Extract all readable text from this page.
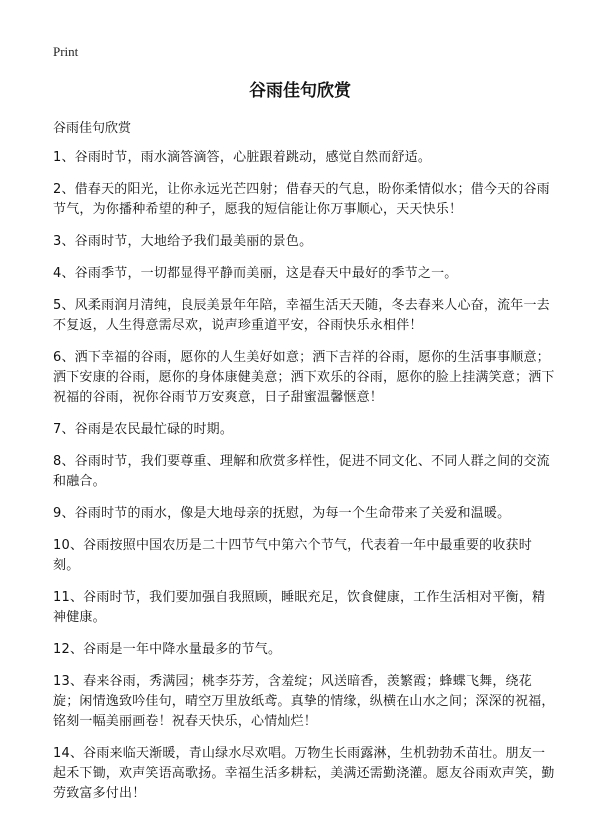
Print
谷雨佳句欣赏

谷雨佳句欣赏

1、谷雨时节，雨水滴答滴答，心脏跟着跳动，感觉自然而舒适。
2、借春天的阳光，让你永远光芒四射；借春天的气息，盼你柔情似水；借今天的谷雨节气，为你播种希望的种子，愿我的短信能让你万事顺心，天天快乐！
3、谷雨时节，大地给予我们最美丽的景色。
4、谷雨季节，一切都显得平静而美丽，这是春天中最好的季节之一。
5、风柔雨润月清纯，良辰美景年年陪，幸福生活天天随，冬去春来人心奋，流年一去不复返，人生得意需尽欢，说声珍重道平安，谷雨快乐永相伴！
6、洒下幸福的谷雨，愿你的人生美好如意；洒下吉祥的谷雨，愿你的生活事事顺意；洒下安康的谷雨，愿你的身体康健美意；洒下欢乐的谷雨，愿你的脸上挂满笑意；洒下祝福的谷雨，祝你谷雨节万安爽意，日子甜蜜温馨惬意！
7、谷雨是农民最忙碌的时期。
8、谷雨时节，我们要尊重、理解和欣赏多样性，促进不同文化、不同人群之间的交流和融合。
9、谷雨时节的雨水，像是大地母亲的抚慰，为每一个生命带来了关爱和温暖。
10、谷雨按照中国农历是二十四节气中第六个节气，代表着一年中最重要的收获时刻。
11、谷雨时节，我们要加强自我照顾，睡眠充足，饮食健康，工作生活相对平衡，精神健康。
12、谷雨是一年中降水量最多的节气。
13、春来谷雨，秀满园；桃李芬芳，含羞绽；风送暗香，羡繁霞；蜂蝶飞舞，绕花旋；闲情逸致吟佳句，晴空万里放纸鸢。真挚的情缘，纵横在山水之间；深深的祝福，铭刻一幅美丽画卷！祝春天快乐，心情灿烂！
14、谷雨来临天渐暖，青山绿水尽欢唱。万物生长雨露淋，生机勃勃禾苗壮。朋友一起禾下锄，欢声笑语高歌扬。幸福生活多耕耘，美满还需勤浇灌。愿友谷雨欢声笑，勤劳致富多付出！
